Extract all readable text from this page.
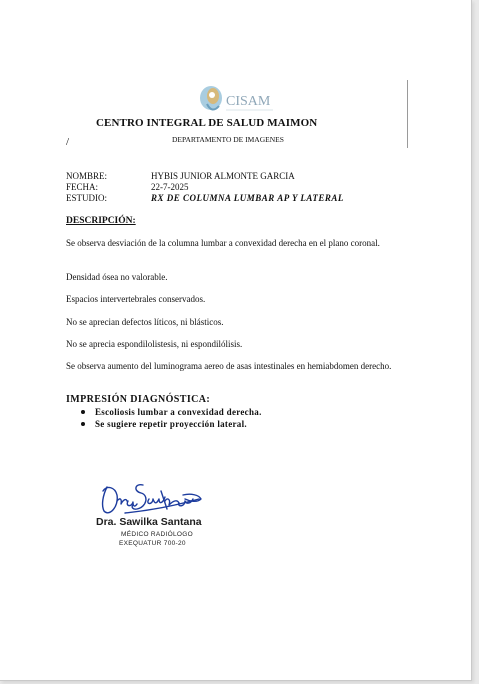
CISAM
CENTRO INTEGRAL DE SALUD MAIMON
/	DEPARTAMENTO DE IMAGENES
NOMBRE:	HYBIS JUNIOR ALMONTE GARCIA
FECHA:	22-7-2025
ESTUDIO:	RX DE COLUMNA LUMBAR AP Y LATERAL
DESCRIPCIÓN:
Se observa desviación de la columna lumbar a convexidad derecha en el plano coronal.
Densidad ósea no valorable.
Espacios intervertebrales conservados.
No se aprecian defectos líticos, ni blásticos.
No se aprecia espondilolistesis, ni espondilólisis.
Se observa aumento del luminograma aereo de asas intestinales en hemiabdomen derecho.
IMPRESIÓN DIAGNÓSTICA:
Escoliosis lumbar a convexidad derecha.
Se sugiere repetir proyección lateral.
Dra. Sawilka Santana
MÉDICO RADIÓLOGO
EXEQUATUR 700-20
